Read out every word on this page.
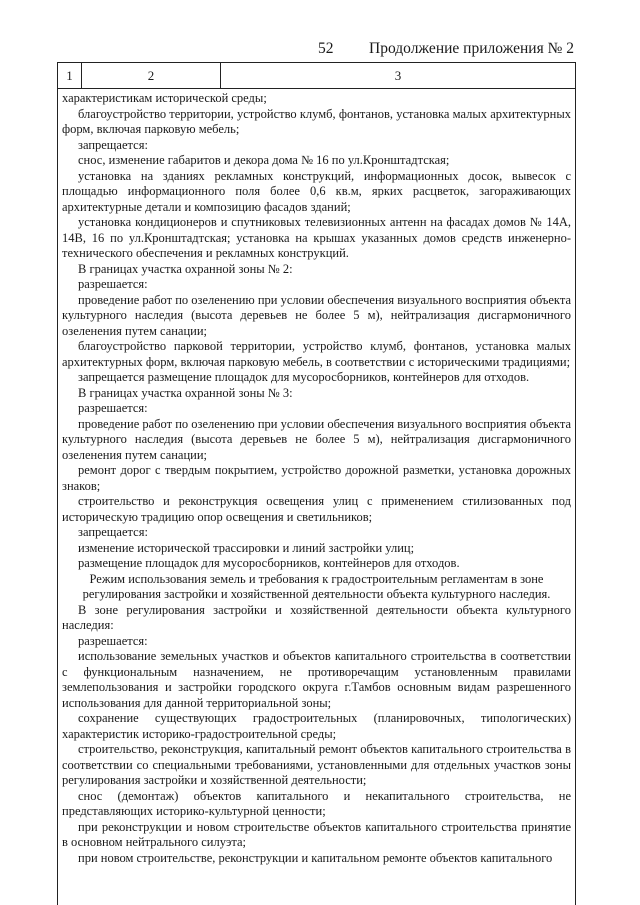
52 Продолжение приложения № 2
1	2	3

характеристикам исторической среды;

благоустройство территории, устройство клумб, фонтанов, установка малых архитектурных форм, включая парковую мебель;

запрещается:

снос, изменение габаритов и декора дома № 16 по ул.Кронштадтская;

установка на зданиях рекламных конструкций, информационных досок, вывесок с площадью информационного поля более 0,6 кв.м, ярких расцветок, загораживающих архитектурные детали и композицию фасадов зданий;

установка кондиционеров и спутниковых телевизионных антенн на фасадах домов № 14А, 14В, 16 по ул.Кронштадтская; установка на крышах указанных домов средств инженерно-технического обеспечения и рекламных конструкций.

В границах участка охранной зоны № 2:

разрешается:

проведение работ по озеленению при условии обеспечения визуального восприятия объекта культурного наследия (высота деревьев не более 5 м), нейтрализация дисгармоничного озеленения путем санации;

благоустройство парковой территории, устройство клумб, фонтанов, установка малых архитектурных форм, включая парковую мебель, в соответствии с историческими традициями;

запрещается размещение площадок для мусоросборников, контейнеров для отходов.

В границах участка охранной зоны № 3:

разрешается:

проведение работ по озеленению при условии обеспечения визуального восприятия объекта культурного наследия (высота деревьев не более 5 м), нейтрализация дисгармоничного озеленения путем санации;

ремонт дорог с твердым покрытием, устройство дорожной разметки, установка дорожных знаков;

строительство и реконструкция освещения улиц с применением стилизованных под историческую традицию опор освещения и светильников;

запрещается:

изменение исторической трассировки и линий застройки улиц;

размещение площадок для мусоросборников, контейнеров для отходов.

Режим использования земель и требования к градостроительным регламентам в зоне регулирования застройки и хозяйственной деятельности объекта культурного наследия.

В зоне регулирования застройки и хозяйственной деятельности объекта культурного наследия:

разрешается:

использование земельных участков и объектов капитального строительства в соответствии с функциональным назначением, не противоречащим установленным правилами землепользования и застройки городского округа г.Тамбов основным видам разрешенного использования для данной территориальной зоны;

сохранение существующих градостроительных (планировочных, типологических) характеристик историко-градостроительной среды;

строительство, реконструкция, капитальный ремонт объектов капитального строительства в соответствии со специальными требованиями, установленными для отдельных участков зоны регулирования застройки и хозяйственной деятельности;

снос (демонтаж) объектов капитального и некапитального строительства, не представляющих историко-культурной ценности;

при реконструкции и новом строительстве объектов капитального строительства принятие в основном нейтрального силуэта;

при новом строительстве, реконструкции и капитальном ремонте объектов капитального
